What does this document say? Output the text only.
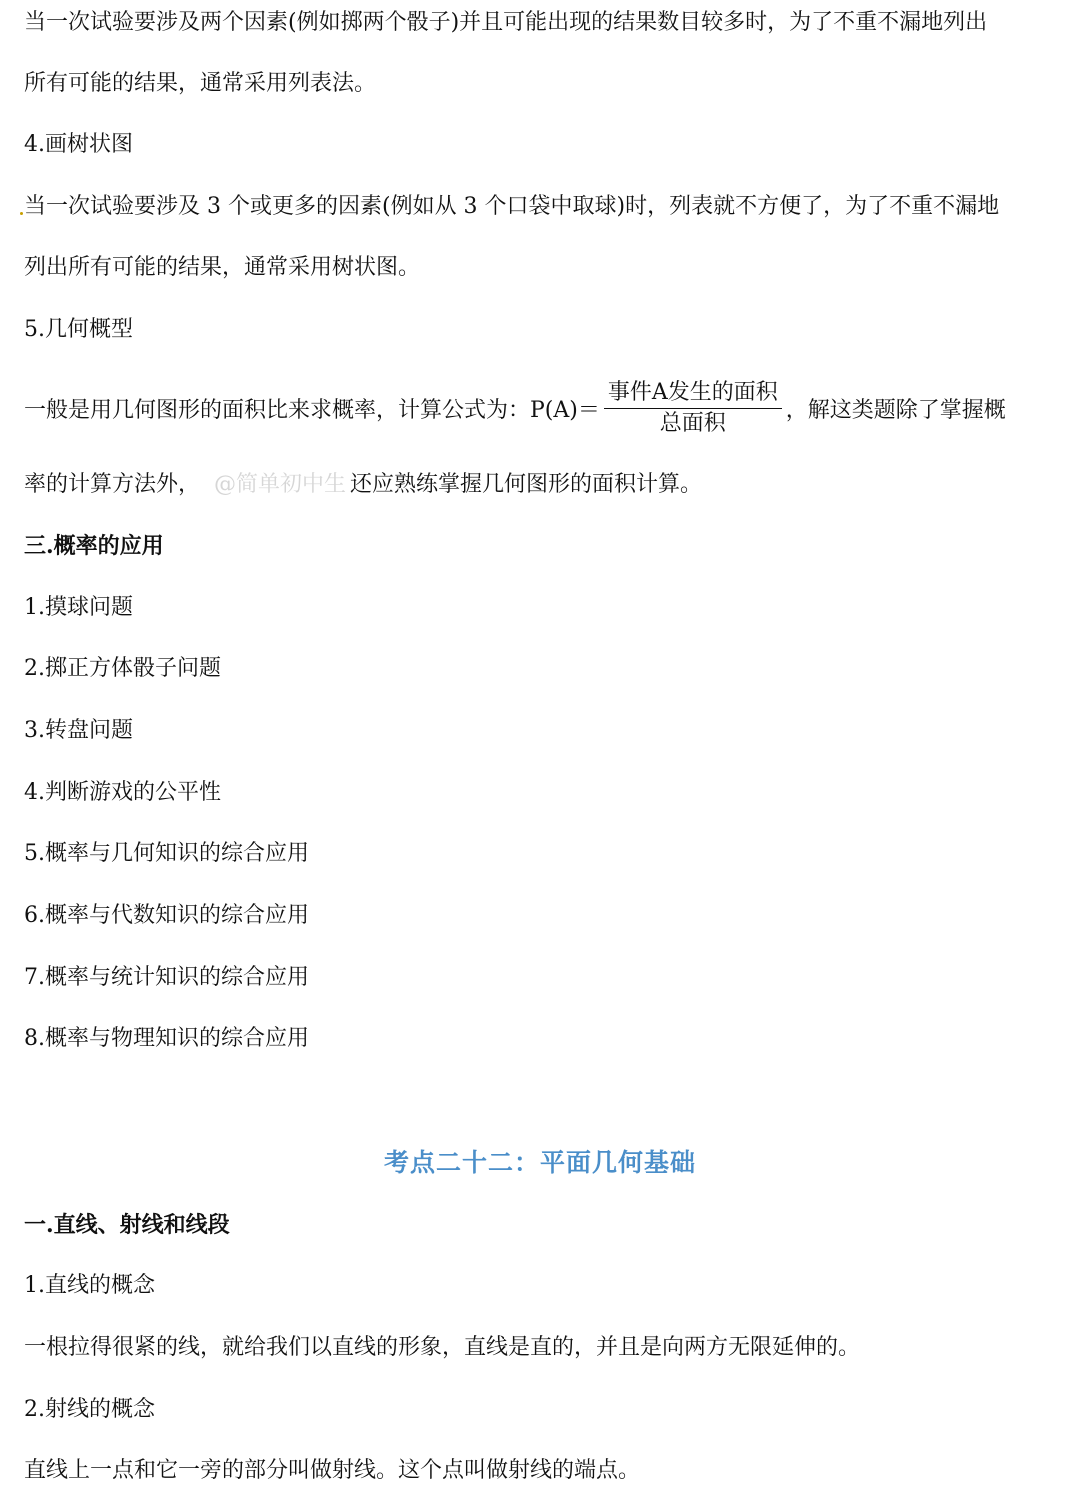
当一次试验要涉及两个因素(例如掷两个骰子)并且可能出现的结果数目较多时，为了不重不漏地列出
所有可能的结果，通常采用列表法。
4.画树状图
当一次试验要涉及 3 个或更多的因素(例如从 3 个口袋中取球)时，列表就不方便了，为了不重不漏地
列出所有可能的结果，通常采用树状图。
5.几何概型
一般是用几何图形的面积比来求概率，计算公式为：$P(A)= \frac{\text{事件A发生的面积}}{\text{总面积}}$ ，解这类题除了掌握概
率的计算方法外， @简单初中生 还应熟练掌握几何图形的面积计算。
三.概率的应用
1.摸球问题
2.掷正方体骰子问题
3.转盘问题
4.判断游戏的公平性
5.概率与几何知识的综合应用
6.概率与代数知识的综合应用
7.概率与统计知识的综合应用
8.概率与物理知识的综合应用
考点二十二：平面几何基础
一.直线、射线和线段
1.直线的概念
一根拉得很紧的线，就给我们以直线的形象，直线是直的，并且是向两方无限延伸的。
2.射线的概念
直线上一点和它一旁的部分叫做射线。这个点叫做射线的端点。
